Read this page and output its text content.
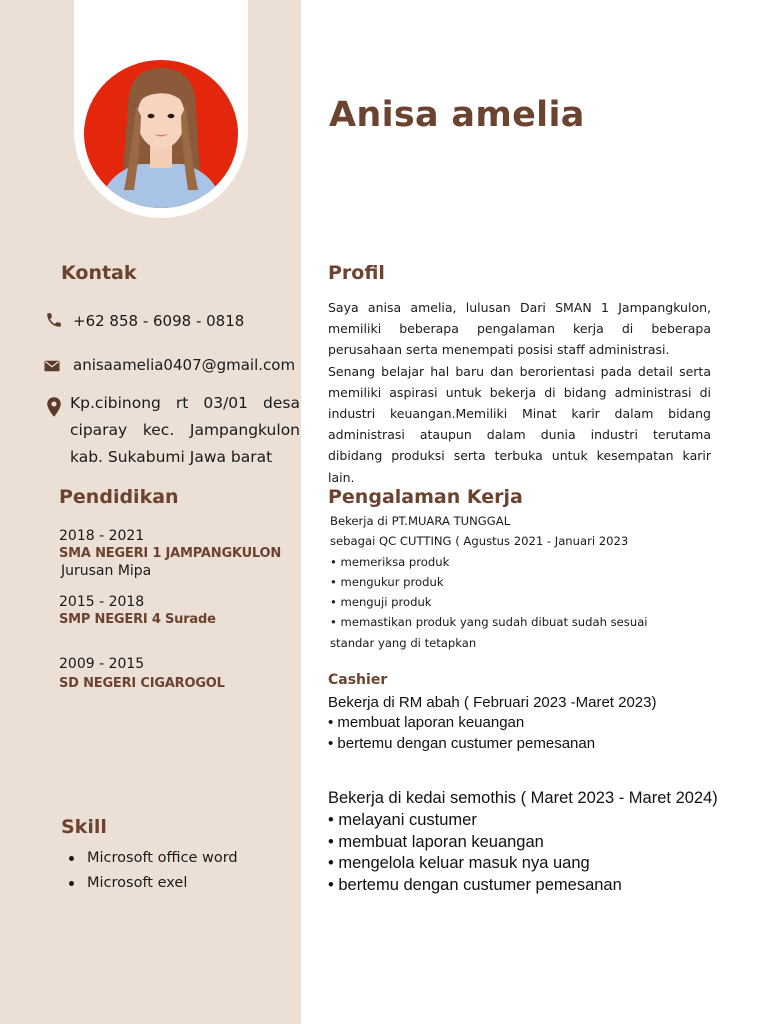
Anisa amelia
Kontak
+62 858 - 6098 - 0818
anisaamelia0407@gmail.com
Kp.cibinong rt 03/01 desa ciparay kec. Jampangkulon kab. Sukabumi Jawa barat
Pendidikan
2018 - 2021
SMA NEGERI 1 JAMPANGKULON
Jurusan Mipa
2015 - 2018
SMP NEGERI 4 Surade
2009 - 2015
SD NEGERI CIGAROGOL
Skill
Microsoft office word
Microsoft exel
Profil

Saya anisa amelia, lulusan Dari SMAN 1 Jampangkulon, memiliki beberapa pengalaman kerja di beberapa perusahaan serta menempati posisi staff administrasi.

Senang belajar hal baru dan berorientasi pada detail serta memiliki aspirasi untuk bekerja di bidang administrasi di industri keuangan.Memiliki Minat karir dalam bidang administrasi ataupun dalam dunia industri terutama dibidang produksi serta terbuka untuk kesempatan karir lain.

Pengalaman Kerja
Bekerja di PT.MUARA TUNGGAL
sebagai QC CUTTING ( Agustus 2021 - Januari 2023
• memeriksa produk
• mengukur produk
• menguji produk
• memastikan produk yang sudah dibuat sudah sesuai
standar yang di tetapkan
Cashier
Bekerja di RM abah ( Februari 2023 -Maret 2023)
• membuat laporan keuangan
• bertemu dengan custumer pemesanan
Bekerja di kedai semothis ( Maret 2023 - Maret 2024)
• melayani custumer
• membuat laporan keuangan
• mengelola keluar masuk nya uang
• bertemu dengan custumer pemesanan
